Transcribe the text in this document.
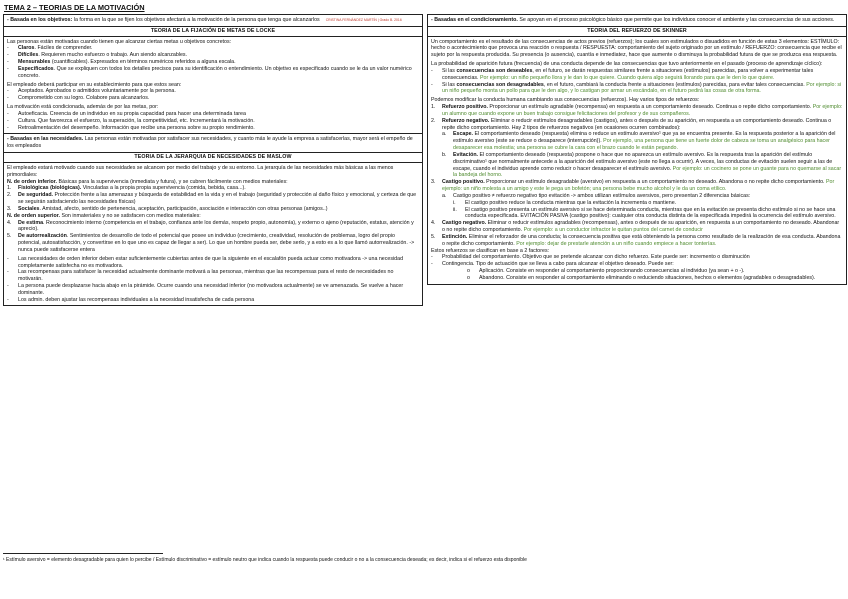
TEMA 2 – TEORIAS DE LA MOTIVACIÓN

- Basada en los objetivos: la forma en la que se fijen los objetivos afectará a la motivación de la persona que tenga que alcanzarlos CRISTINA FERNÁNDEZ MARTÍN | Grado B. 2016

TEORIA DE LA FIJACIÓN DE METAS DE LOCKE

Las personas están motivadas cuando tienen que alcanzar ciertas metas u objetivos concretos:

- Claros. Fáciles de comprender.
- Difíciles. Requieren mucho esfuerzo o trabajo. Aun siendo alcanzables.
- Mensurables (cuantificables). Expresados en términos numéricos referidos a alguna escala.
- Especificados. Que se expliquen con todos los detalles precisos para su identificación o entendimiento. Un objetivo es especificado cuando se le da un valor numérico concreto.

El empleado deberá participar en su establecimiento para que estos sean:

- Aceptados. Aprobados o admitidos voluntariamente por la persona.
- Comprometido con su logro. Colabore para alcanzarlos.

La motivación está condicionada, además de por las metas, por:

- Autoeficacia. Creencia de un individuo en su propia capacidad para hacer una determinada tarea
- Cultura. Que favorezca el esfuerzo, la superación, la competitividad, etc. Incrementará la motivación.
- Retroalimentación del desempeño. Información que recibe una persona sobre su propio rendimiento.

- Basadas en las necesidades. Las personas están motivadas por satisfacer sus necesidades, y cuanto más le ayude la empresa a satisfacerlas, mayor será el empeño de los empleados

TEORIA DE LA JERARQUIA DE NECESIDADES DE MASLOW

El empleado estará motivado cuando sus necesidades se alcancen por medio del trabajo y de su entorno. La jerarquía de las necesidades más básicas a las menos primordiales:

N. de orden inferior. Básicas para la supervivencia (inmediata y futura), y se cubren fácilmente con medios materiales:

1. Fisiológicas (biológicas). Vinculadas a la propia propia supervivencia (comida, bebida, casa...).
2. De seguridad. Protección frente a las amenazas y búsqueda de estabilidad en la vida y en el trabajo (seguridad y protección al daño físico y emocional, y certeza de que se seguirán satisfaciendo las necesidades físicas)
3. Sociales. Amistad, afecto, sentido de pertenencia, aceptación, participación, asociación e interacción con otras personas (amigos..)

N. de orden superior. Son inmateriales y no se satisfacen con medios materiales:

4. De estima. Reconocimiento interno (competencia en el trabajo, confianza ante los demás, respeto propio, autonomía), y externo o ajeno (reputación, estatus, atención y aprecio).
5. De autorrealización. Sentimientos de desarrollo de todo el potencial que posee un individuo (crecimiento, creatividad, resolución de problemas, logro del propio potencial, autosatisfacción, y convertirse en lo que uno es capaz de llegar a ser). Lo que un hombre pueda ser, debe serlo, y a esto es a lo que llamó autorrealización. -> nunca puede satisfacerse entera
- Las necesidades de orden inferior deben estar suficientemente cubiertas antes de que la siguiente en el escalafón pueda actuar como motivadora -> una necesidad completamente satisfecha no es motivadora.
- Las recompensas para satisfacer la necesidad actualmente dominante motivará a las personas, mientras que las recompensas para el resto de necesidades no motivarán.
- La persona puede desplazarse hacia abajo en la pirámide. Ocurre cuando una necesidad inferior (no motivadora actualmente) se ve amenazada. Se vuelve a hacer dominante.
- Los admin. deben ajustar las recompensas individuales a la necesidad insatisfecha de cada persona

- Basadas en el condicionamiento. Se apoyan en el proceso psicológico básico que permite que los individuos conocer el ambiente y las consecuencias de sus acciones.

TEORIA DEL REFUERZO DE SKINNER

Un comportamiento es el resultado de las consecuencias de actos previos (refuerzos); los cuales son estimulados o disuadidos en función de estas 3 elementos: ESTÍMULO: hecho o acontecimiento que provoca una reacción o respuesta / RESPUESTA: comportamiento del sujeto originado por un estímulo / REFUERZO: consecuencia que recibe el sujeto por la respuesta producida. Su presencia (o ausencia), cuantía e inmediatez, hace que aumente o disminuya la probabilidad futura de que se produzca esa respuesta.

La probabilidad de aparición futura (frecuencia) de una conducta depende de las consecuencias que tuvo anteriormente en el pasado (proceso de aprendizaje cíclico):

- Si las consecuencias son deseables, en el futuro, se darán respuestas similares frente a situaciones (estímulos) parecidas, para volver a experimentar tales consecuencias. Por ejemplo: un niño pequeño llora y le dan lo que quiere. Cuando quiera algo seguirá llorando para que le den lo que quiere.
- Si las consecuencias son desagradables, en el futuro, cambiará la conducta frente a situaciones (estímulos) parecidas, para evitar tales consecuencias. Por ejemplo: si un niño pequeño monta un pollo para que le den algo, y lo castigan por armar un escándalo, en el futuro pedirá las cosas de otra forma.

Podemos modificar la conducta humana cambiando sus consecuencias (refuerzos). Hay varios tipos de refuerzos:

1. Refuerzo positivo. Proporcionar un estímulo agradable (recompensa) en respuesta a un comportamiento deseado. Continua o repite dicho comportamiento. Por ejemplo: un alumno que cuando expone un buen trabajo consigue felicitaciones del profesor y de sus compañeros.
2. Refuerzo negativo. Eliminar o reducir estímulos desagradables (castigos), antes o después de su aparición, en respuesta a un comportamiento deseado. Continua o repite dicho comportamiento. Hay 2 tipos de refuerzos negativos (en ocasiones ocurren combinados):
a. Escape. El comportamiento deseado (respuesta) elimina o reduce un estímulo aversivo¹ que ya se encuentra presente. Es la respuesta posterior a la aparición del estímulo aversivo (este se reduce o desaparece (interrupción)). Por ejemplo, una persona que tiene un fuerte dolor de cabeza se toma un analgésico para hacer desaparecer esa molestia; una persona se cubre la cara con el brazo cuando le están pegando.
b. Evitación. El comportamiento deseado (respuesta) pospone o hace que no aparezca un estímulo aversivo. Es la respuesta tras la aparición del estímulo discriminativo¹ que normalmente antecede a la aparición del estímulo aversivo (este no llega a ocurrir). A veces, las conductas de evitación suelen seguir a las de escape, cuando el individuo aprende como reducir o hacer desaparecer el estímulo aversivo. Por ejemplo: un cocinero se pone un guante para no quemarse al sacar la bandeja del horno.
3. Castigo positivo. Proporcionar un estímulo desagradable (aversivo) en respuesta a un comportamiento no deseado. Abandona o no repite dicho comportamiento. Por ejemplo: un niño molesta a un amigo y este le pega un bofetón; una persona bebe mucho alcohol y le da un coma etílico.
a. Castigo positivo ≠ refuerzo negativo tipo evitación -> ambos utilizan estímulos aversivos, pero presentan 2 diferencias básicas:
i. El castigo positivo reduce la conducta mientras que la evitación la incrementa o mantiene.
ii. El castigo positivo presenta un estímulo aversivo si se hace determinada conducta, mientras que en la evitación se presenta dicho estímulo si no se hace una conducta especificada. EVITACIÓN PASIVA (castigo positivo): cualquier otra conducta distinta de la especificada impedirá la ocurrencia del estímulo aversivo.
4. Castigo negativo. Eliminar o reducir estímulos agradables (recompensas), antes o después de su aparición, en respuesta a un comportamiento no deseado. Abandonar o no repite dicho comportamiento. Por ejemplo: a un conductor infractor le quitan puntos del carnet de conducir
5. Extinción. Eliminar el reforzador de una conducta; la consecuencia positiva que está obteniendo la persona como resultado de la realización de esa conducta. Abandona o repite dicho comportamiento. Por ejemplo: dejar de prestarle atención a un niño cuando empiece a hacer tonterías.

Estos refuerzos se clasifican en base a 2 factores:

- Probabilidad del comportamiento. Objetivo que se pretende alcanzar con dicho refuerzo. Este puede ser: incremento o disminución
- Contingencia. Tipo de actuación que se lleva a cabo para alcanzar el objetivo deseado. Puede ser:
o Aplicación. Consiste en responder al comportamiento proporcionando consecuencias al individuo (ya sean + o -).
o Abandono. Consiste en responder al comportamiento eliminando o reduciendo situaciones, hechos o elementos (agradables o desagradables).
¹ Estímulo aversivo = elemento desagradable para quien lo percibe / Estímulo discriminativo = estímulo neutro que indica cuando la respuesta puede conducir o no a la consecuencia deseada; es decir, indica si el refuerzo esta disponible
